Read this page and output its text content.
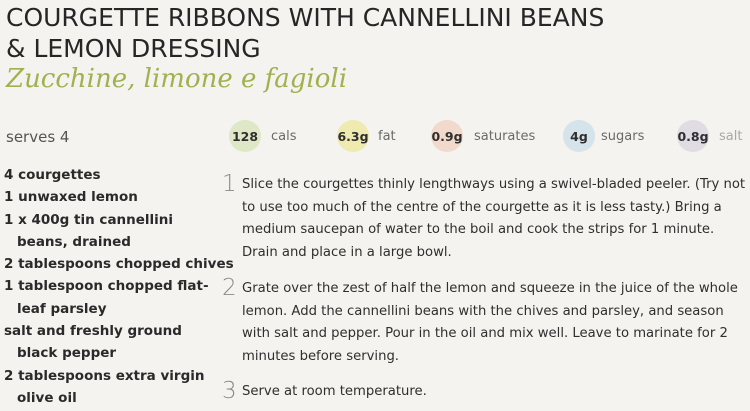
COURGETTE RIBBONS WITH CANNELLINI BEANS
& LEMON DRESSING
Zucchine, limone e fagioli
serves 4	128 cals	6.3g fat	0.9g saturates	4g sugars	0.8g salt
4 courgettes
1 unwaxed lemon
1 x 400g tin cannellini beans, drained
2 tablespoons chopped chives
1 tablespoon chopped flat-leaf parsley
salt and freshly ground black pepper
2 tablespoons extra virgin olive oil
1 Slice the courgettes thinly lengthways using a swivel-bladed peeler. (Try not to use too much of the centre of the courgette as it is less tasty.) Bring a medium saucepan of water to the boil and cook the strips for 1 minute. Drain and place in a large bowl.

2 Grate over the zest of half the lemon and squeeze in the juice of the whole lemon. Add the cannellini beans with the chives and parsley, and season with salt and pepper. Pour in the oil and mix well. Leave to marinate for 2 minutes before serving.

3 Serve at room temperature.
